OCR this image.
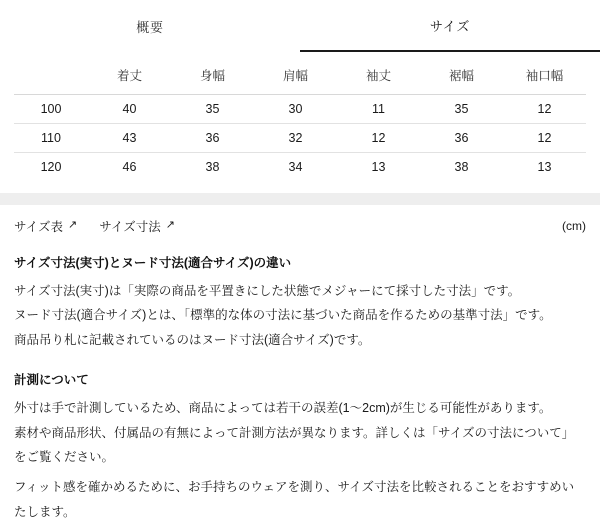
概要	サイズ
	着丈	身幅	肩幅	袖丈	裾幅	袖口幅
100	40	35	30	11	35	12
110	43	36	32	12	36	12
120	46	38	34	13	38	13
サイズ表 ↗ サイズ寸法 ↗	(cm)
サイズ寸法(実寸)とヌード寸法(適合サイズ)の違い
サイズ寸法(実寸)は「実際の商品を平置きにした状態でメジャーにて採寸した寸法」です。
ヌード寸法(適合サイズ)とは、「標準的な体の寸法に基づいた商品を作るための基準寸法」です。
商品吊り札に記載されているのはヌード寸法(適合サイズ)です。
計測について
外寸は手で計測しているため、商品によっては若干の誤差(1〜2cm)が生じる可能性があります。
素材や商品形状、付属品の有無によって計測方法が異なります。詳しくは「サイズの寸法について」をご覧ください。
フィット感を確かめるために、お手持ちのウェアを測り、サイズ寸法を比較されることをおすすめいたします。
